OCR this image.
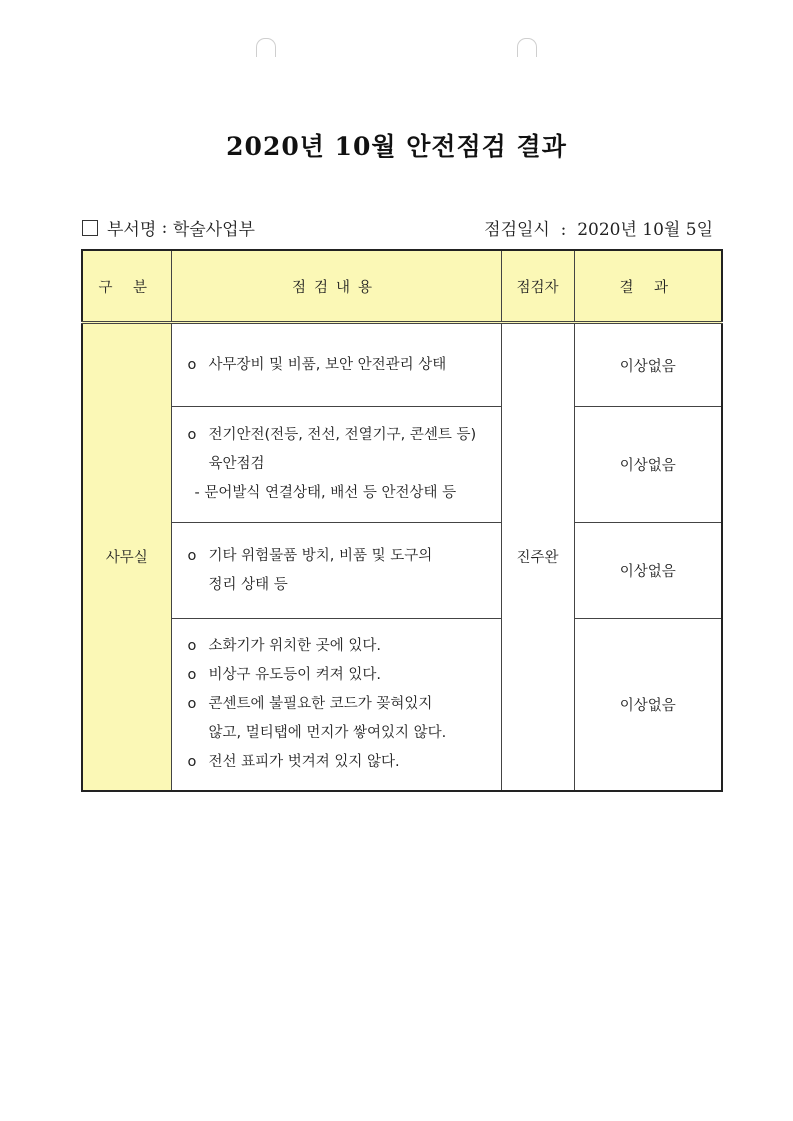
2020년 10월 안전점검 결과
부서명 : 학술사업부	점검일시  :  2020년 10월 5일
구 분	점검내용	점검자	결 과
사무실	o 사무장비 및 비품, 보안 안전관리 상태	진주완	이상없음

	o 전기안전(전등, 전선, 전열기구, 콘센트 등)
육안점검
- 문어발식 연결상태, 배선 등 안전상태 등		이상없음

	o 기타 위험물품 방치, 비품 및 도구의
정리 상태 등		이상없음

	o 소화기가 위치한 곳에 있다.
o 비상구 유도등이 켜져 있다.
o 콘센트에 불필요한 코드가 꽂혀있지
않고, 멀티탭에 먼지가 쌓여있지 않다.
o 전선 표피가 벗겨져 있지 않다.		이상없음
